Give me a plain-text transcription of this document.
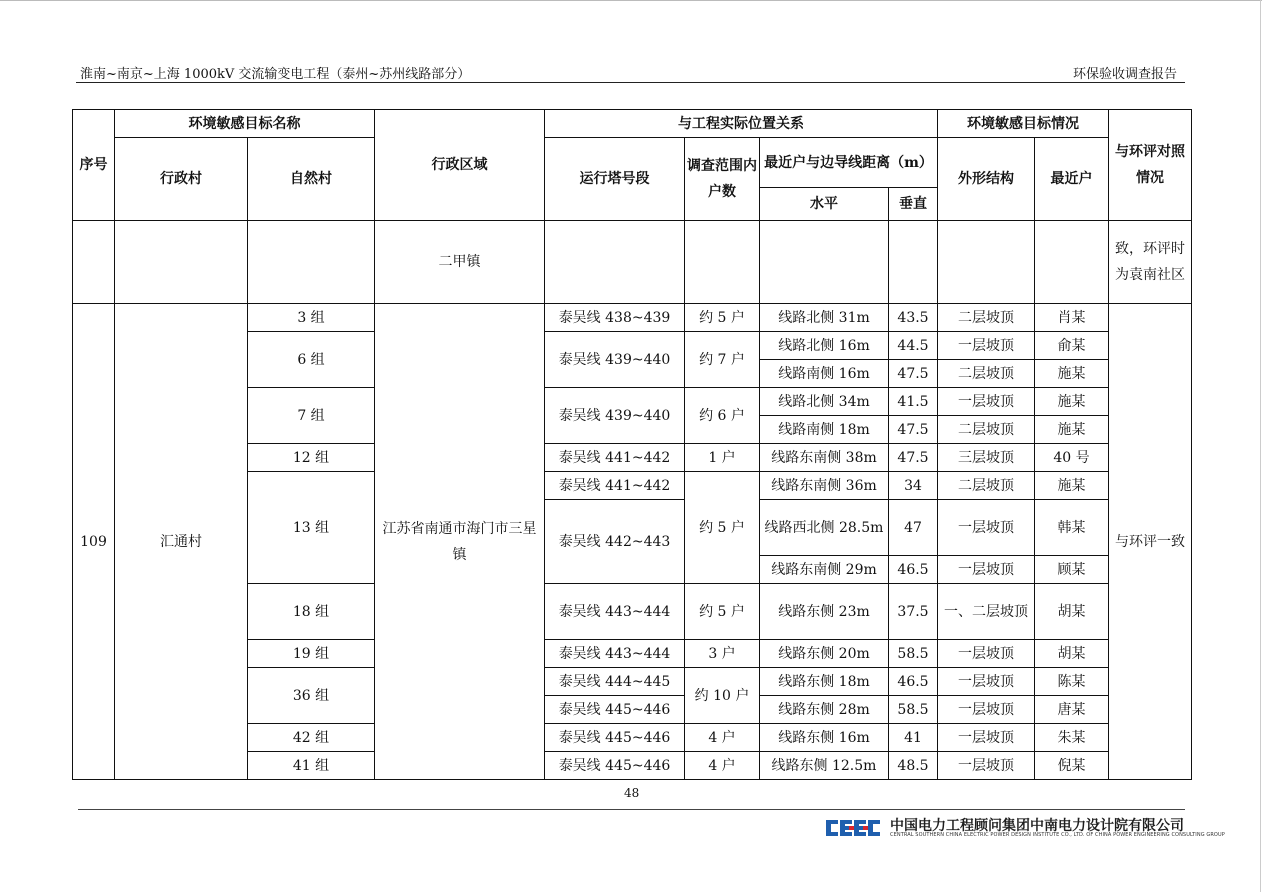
淮南~南京~上海 1000kV 交流输变电工程（泰州~苏州线路部分）	环保验收调查报告
序号	环境敏感目标名称		行政区域	与工程实际位置关系				环境敏感目标情况		与环评对照情况
	行政村	自然村		运行塔号段	调查范围内户数	最近户与边导线距离（m）		外形结构	最近户	
						水平	垂直			
			二甲镇							致，环评时为袁南社区
109	汇通村	3 组	江苏省南通市海门市三星镇	泰吴线 438~439	约 5 户	线路北侧 31m	43.5	二层坡顶	肖某	与环评一致
		6 组		泰吴线 439~440	约 7 户	线路北侧 16m	44.5	一层坡顶	俞某	
						线路南侧 16m	47.5	二层坡顶	施某	
		7 组		泰吴线 439~440	约 6 户	线路北侧 34m	41.5	一层坡顶	施某	
						线路南侧 18m	47.5	二层坡顶	施某	
		12 组		泰吴线 441~442	1 户	线路东南侧 38m	47.5	三层坡顶	40 号	
		13 组		泰吴线 441~442	约 5 户	线路东南侧 36m	34	二层坡顶	施某	
				泰吴线 442~443		线路西北侧 28.5m	47	一层坡顶	韩某	
						线路东南侧 29m	46.5	一层坡顶	顾某	
		18 组		泰吴线 443~444	约 5 户	线路东侧 23m	37.5	一、二层坡顶	胡某	
		19 组		泰吴线 443~444	3 户	线路东侧 20m	58.5	一层坡顶	胡某	
		36 组		泰吴线 444~445	约 10 户	线路东侧 18m	46.5	一层坡顶	陈某	
				泰吴线 445~446		线路东侧 28m	58.5	一层坡顶	唐某	
		42 组		泰吴线 445~446	4 户	线路东侧 16m	41	一层坡顶	朱某	
		41 组		泰吴线 445~446	4 户	线路东侧 12.5m	48.5	一层坡顶	倪某	
48
中国电力工程顾问集团中南电力设计院有限公司
CENTRAL SOUTHERN CHINA ELECTRIC POWER DESIGN INSTITUTE CO., LTD. OF CHINA POWER ENGINEERING CONSULTING GROUP
